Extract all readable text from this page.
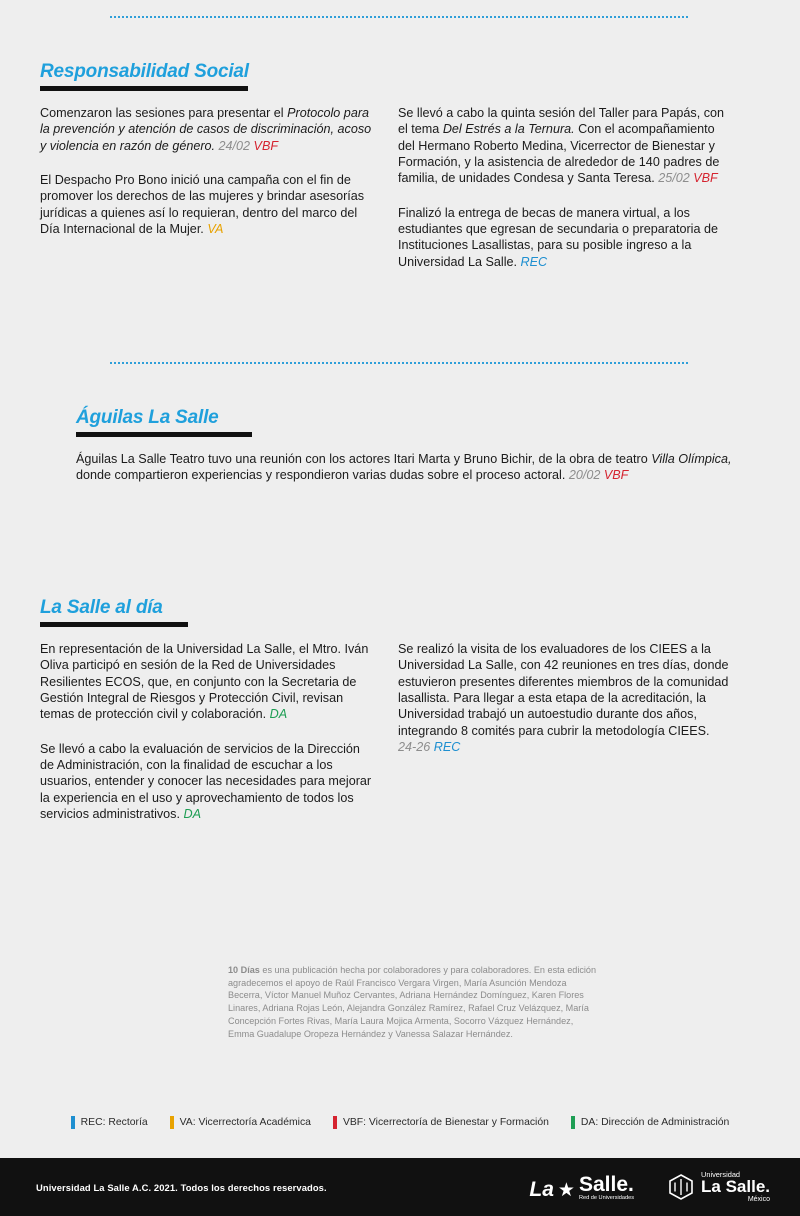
Responsabilidad Social

Comenzaron las sesiones para presentar el Protocolo para la prevención y atención de casos de discriminación, acoso y violencia en razón de género. 24/02 VBF

El Despacho Pro Bono inició una campaña con el fin de promover los derechos de las mujeres y brindar asesorías jurídicas a quienes así lo requieran, dentro del marco del Día Internacional de la Mujer. VA

Se llevó a cabo la quinta sesión del Taller para Papás, con el tema Del Estrés a la Ternura. Con el acompañamiento del Hermano Roberto Medina, Vicerrector de Bienestar y Formación, y la asistencia de alrededor de 140 padres de familia, de unidades Condesa y Santa Teresa. 25/02 VBF

Finalizó la entrega de becas de manera virtual, a los estudiantes que egresan de secundaria o preparatoria de Instituciones Lasallistas, para su posible ingreso a la Universidad La Salle. REC

Águilas La Salle

Águilas La Salle Teatro tuvo una reunión con los actores Itari Marta y Bruno Bichir, de la obra de teatro Villa Olímpica, donde compartieron experiencias y respondieron varias dudas sobre el proceso actoral. 20/02 VBF

La Salle al día

En representación de la Universidad La Salle, el Mtro. Iván Oliva participó en sesión de la Red de Universidades Resilientes ECOS, que, en conjunto con la Secretaria de Gestión Integral de Riesgos y Protección Civil, revisan temas de protección civil y colaboración. DA

Se llevó a cabo la evaluación de servicios de la Dirección de Administración, con la finalidad de escuchar a los usuarios, entender y conocer las necesidades para mejorar la experiencia en el uso y aprovechamiento de todos los servicios administrativos. DA

Se realizó la visita de los evaluadores de los CIEES a la Universidad La Salle, con 42 reuniones en tres días, donde estuvieron presentes diferentes miembros de la comunidad lasallista. Para llegar a esta etapa de la acreditación, la Universidad trabajó un autoestudio durante dos años, integrando 8 comités para cubrir la metodología CIEES. 24-26 REC

10 Días es una publicación hecha por colaboradores y para colaboradores. En esta edición agradecemos el apoyo de Raúl Francisco Vergara Virgen, María Asunción Mendoza Becerra, Víctor Manuel Muñoz Cervantes, Adriana Hernández Domínguez, Karen Flores Linares, Adriana Rojas León, Alejandra González Ramírez, Rafael Cruz Velázquez, María Concepción Fortes Rivas, María Laura Mojica Armenta, Socorro Vázquez Hernández, Emma Guadalupe Oropeza Hernández y Vanessa Salazar Hernández.
REC: Rectoría	VA: Vicerrectoría Académica	VBF: Vicerrectoría de Bienestar y Formación	DA: Dirección de Administración
Universidad La Salle A.C. 2021. Todos los derechos reservados.	La ★ Salle.
Red de Universidades
Universidad
La Salle.
México
